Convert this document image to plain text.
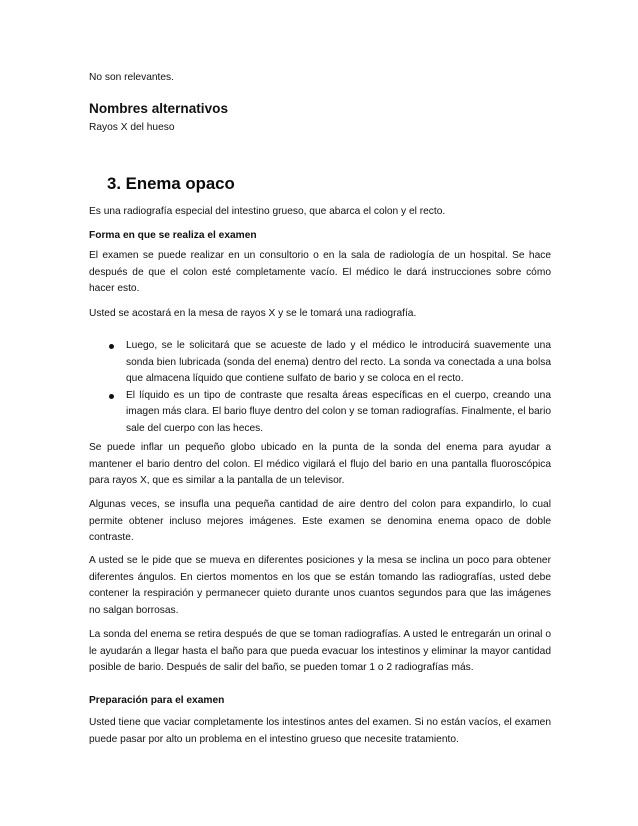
No son relevantes.

Nombres alternativos

Rayos X del hueso

3. Enema opaco

Es una radiografía especial del intestino grueso, que abarca el colon y el recto.

Forma en que se realiza el examen

El examen se puede realizar en un consultorio o en la sala de radiología de un hospital. Se hace después de que el colon esté completamente vacío. El médico le dará instrucciones sobre cómo hacer esto.

Usted se acostará en la mesa de rayos X y se le tomará una radiografía.

Luego, se le solicitará que se acueste de lado y el médico le introducirá suavemente una sonda bien lubricada (sonda del enema) dentro del recto. La sonda va conectada a una bolsa que almacena líquido que contiene sulfato de bario y se coloca en el recto.
El líquido es un tipo de contraste que resalta áreas específicas en el cuerpo, creando una imagen más clara. El bario fluye dentro del colon y se toman radiografías. Finalmente, el bario sale del cuerpo con las heces.

Se puede inflar un pequeño globo ubicado en la punta de la sonda del enema para ayudar a mantener el bario dentro del colon. El médico vigilará el flujo del bario en una pantalla fluoroscópica para rayos X, que es similar a la pantalla de un televisor.

Algunas veces, se insufla una pequeña cantidad de aire dentro del colon para expandirlo, lo cual permite obtener incluso mejores imágenes. Este examen se denomina enema opaco de doble contraste.

A usted se le pide que se mueva en diferentes posiciones y la mesa se inclina un poco para obtener diferentes ángulos. En ciertos momentos en los que se están tomando las radiografías, usted debe contener la respiración y permanecer quieto durante unos cuantos segundos para que las imágenes no salgan borrosas.

La sonda del enema se retira después de que se toman radiografías. A usted le entregarán un orinal o le ayudarán a llegar hasta el baño para que pueda evacuar los intestinos y eliminar la mayor cantidad posible de bario. Después de salir del baño, se pueden tomar 1 o 2 radiografías más.

Preparación para el examen

Usted tiene que vaciar completamente los intestinos antes del examen. Si no están vacíos, el examen puede pasar por alto un problema en el intestino grueso que necesite tratamiento.
